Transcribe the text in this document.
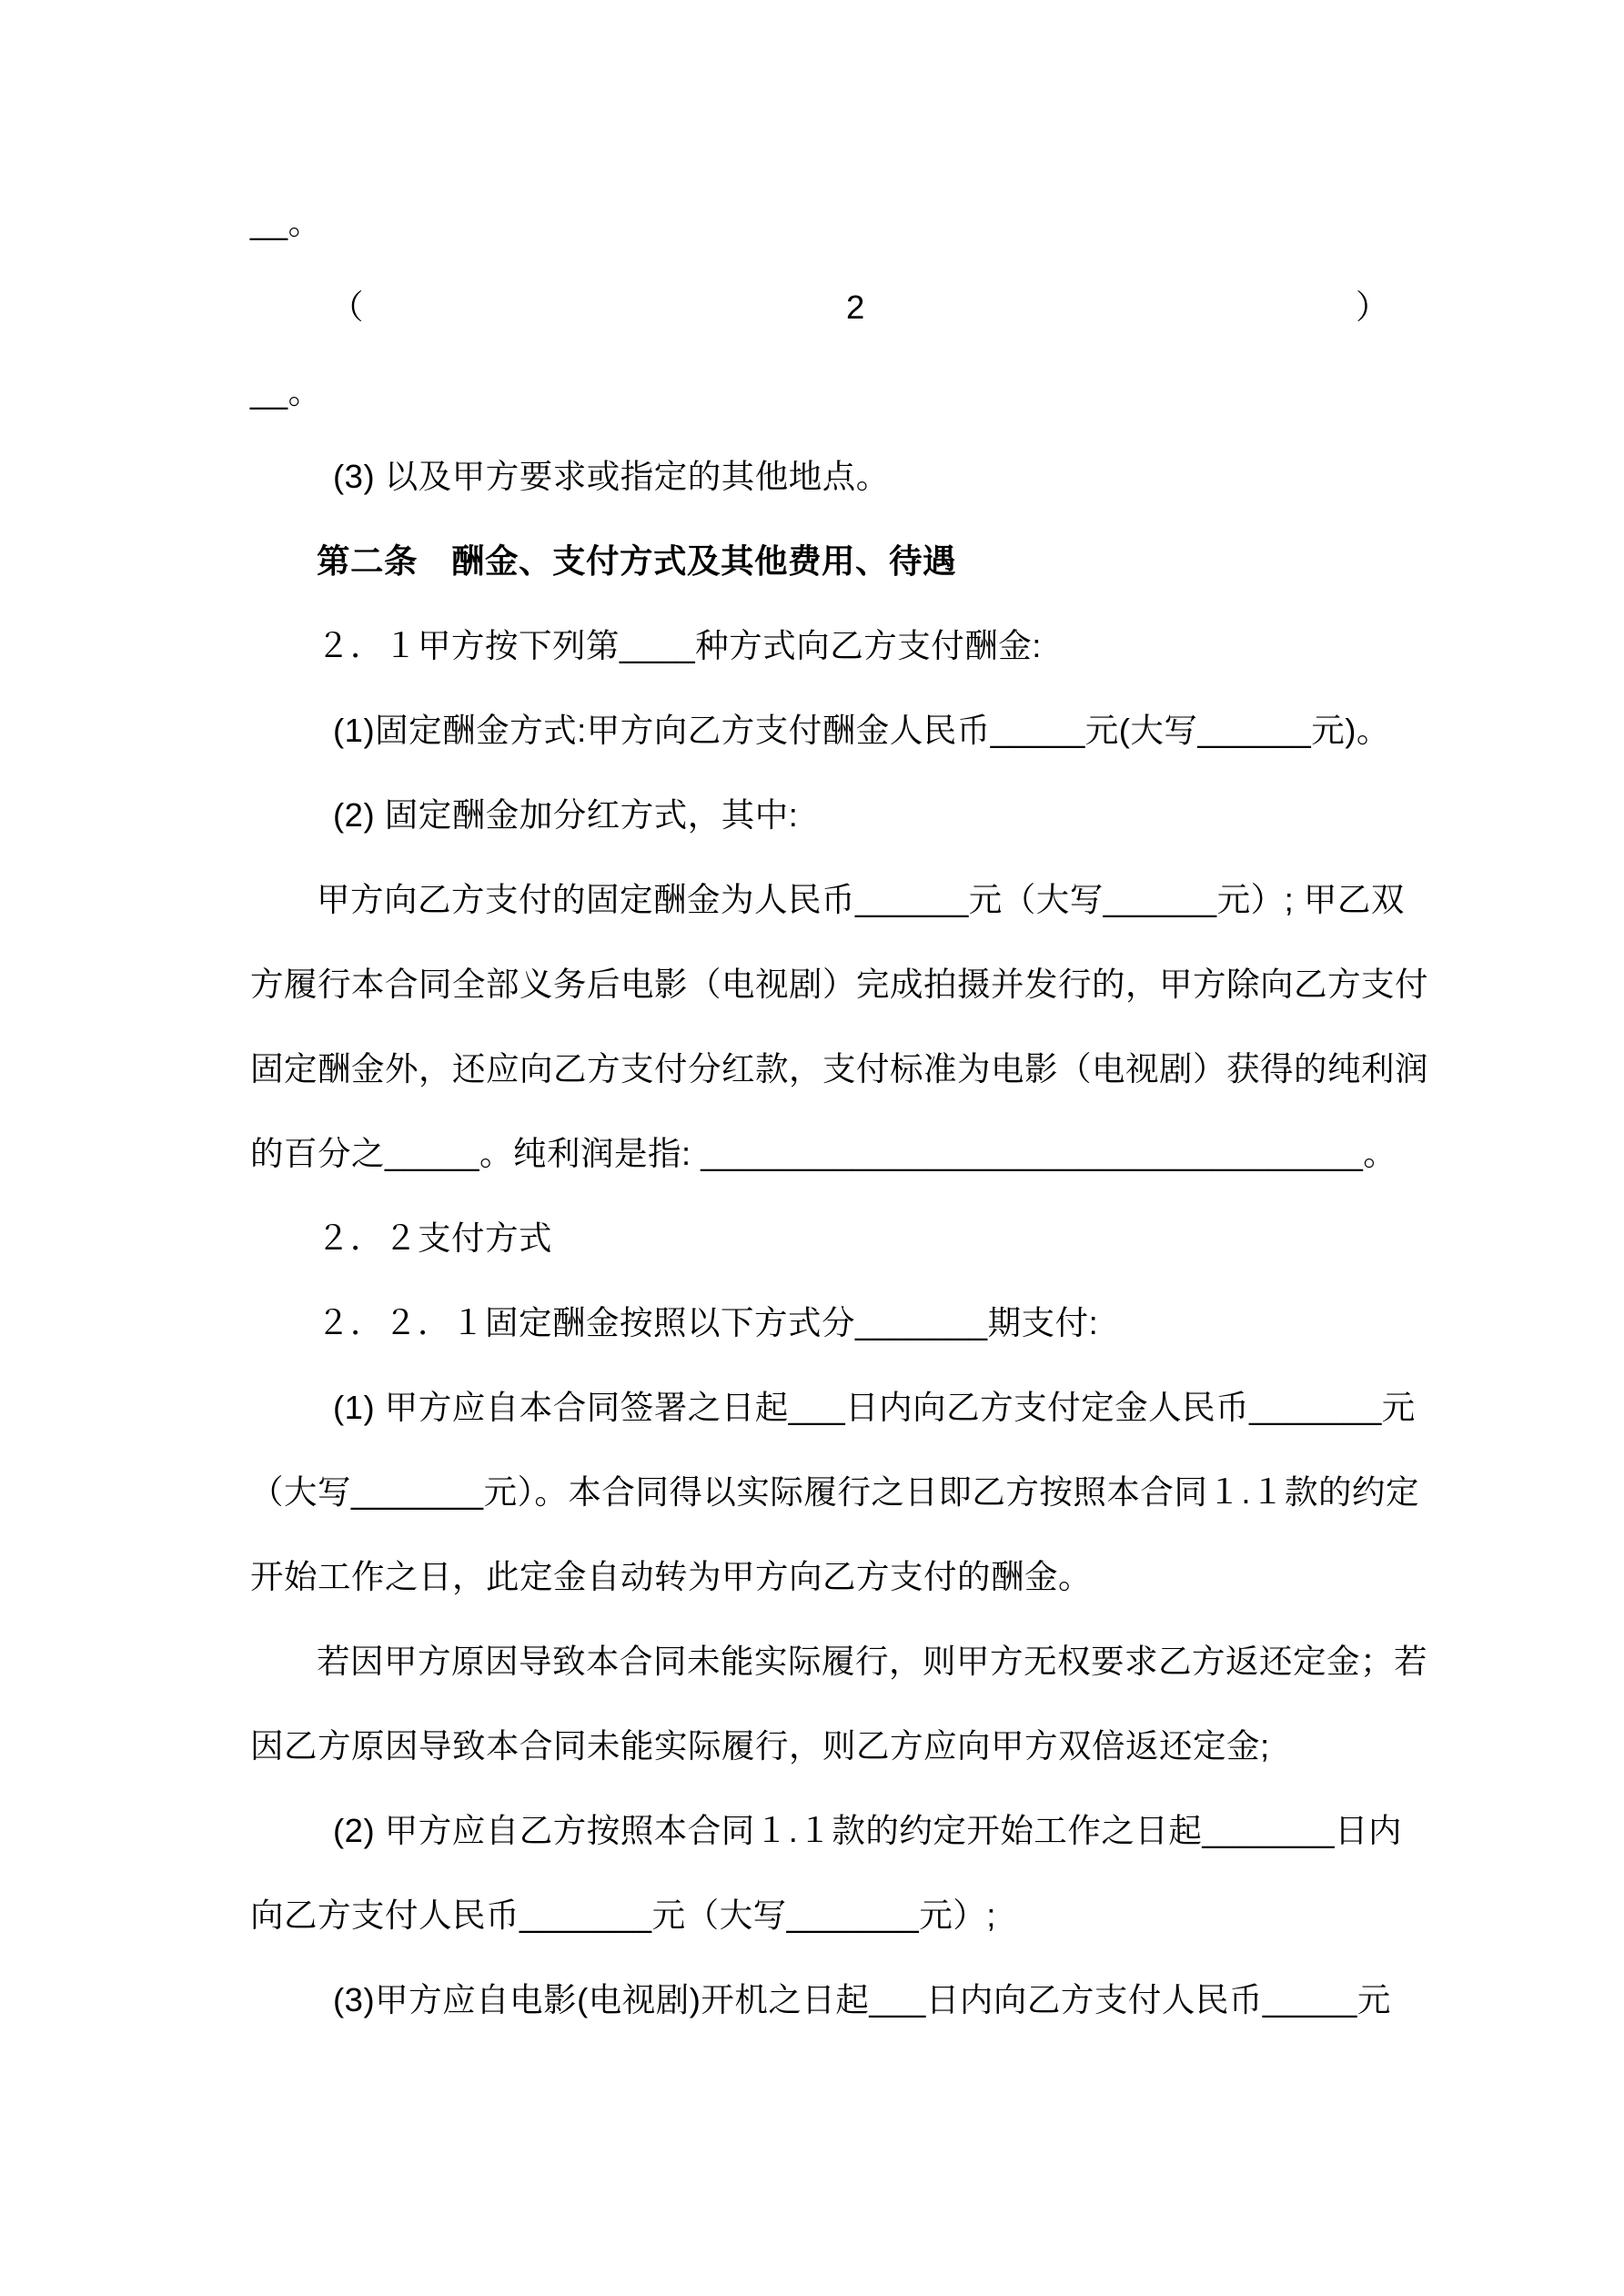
__。
（	2	）
__。
(3) 以及甲方要求或指定的其他地点。
第二条　酬金、支付方式及其他费用、待遇
２．１甲方按下列第____种方式向乙方支付酬金:
(1)固定酬金方式:甲方向乙方支付酬金人民币_____元(大写______元)。
(2) 固定酬金加分红方式，其中:
甲方向乙方支付的固定酬金为人民币______元（大写______元）; 甲乙双
方履行本合同全部义务后电影（电视剧）完成拍摄并发行的，甲方除向乙方支付
固定酬金外，还应向乙方支付分红款，支付标准为电影（电视剧）获得的纯利润
的百分之_____。纯利润是指: ___________________________________。
２．２支付方式
２．２．１固定酬金按照以下方式分_______期支付:
(1) 甲方应自本合同签署之日起___日内向乙方支付定金人民币_______元
（大写_______元）。本合同得以实际履行之日即乙方按照本合同１.１款的约定
开始工作之日，此定金自动转为甲方向乙方支付的酬金。
若因甲方原因导致本合同未能实际履行，则甲方无权要求乙方返还定金；若
因乙方原因导致本合同未能实际履行，则乙方应向甲方双倍返还定金;
(2) 甲方应自乙方按照本合同１.１款的约定开始工作之日起_______日内
向乙方支付人民币_______元（大写_______元）;
(3)甲方应自电影(电视剧)开机之日起___日内向乙方支付人民币_____元
